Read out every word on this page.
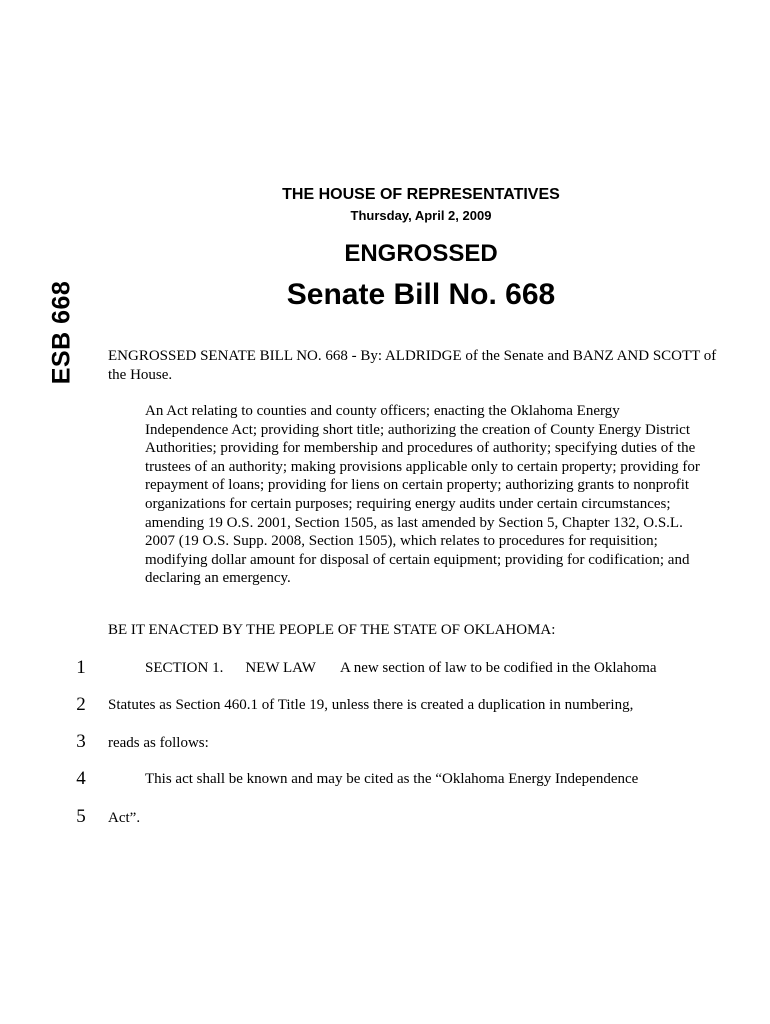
ESB 668
THE HOUSE OF REPRESENTATIVES
Thursday, April 2, 2009
ENGROSSED
Senate Bill No. 668
ENGROSSED SENATE BILL NO. 668 - By: ALDRIDGE of the Senate and BANZ AND SCOTT of the House.
An Act relating to counties and county officers; enacting the Oklahoma Energy Independence Act; providing short title; authorizing the creation of County Energy District Authorities; providing for membership and procedures of authority; specifying duties of the trustees of an authority; making provisions applicable only to certain property; providing for repayment of loans; providing for liens on certain property; authorizing grants to nonprofit organizations for certain purposes; requiring energy audits under certain circumstances; amending 19 O.S. 2001, Section 1505, as last amended by Section 5, Chapter 132, O.S.L. 2007 (19 O.S. Supp. 2008, Section 1505), which relates to procedures for requisition; modifying dollar amount for disposal of certain equipment; providing for codification; and declaring an emergency.
BE IT ENACTED BY THE PEOPLE OF THE STATE OF OKLAHOMA:
1	SECTION 1. NEW LAW A new section of law to be codified in the Oklahoma
2	Statutes as Section 460.1 of Title 19, unless there is created a duplication in numbering,
3	reads as follows:
4	This act shall be known and may be cited as the “Oklahoma Energy Independence
5	Act”.
